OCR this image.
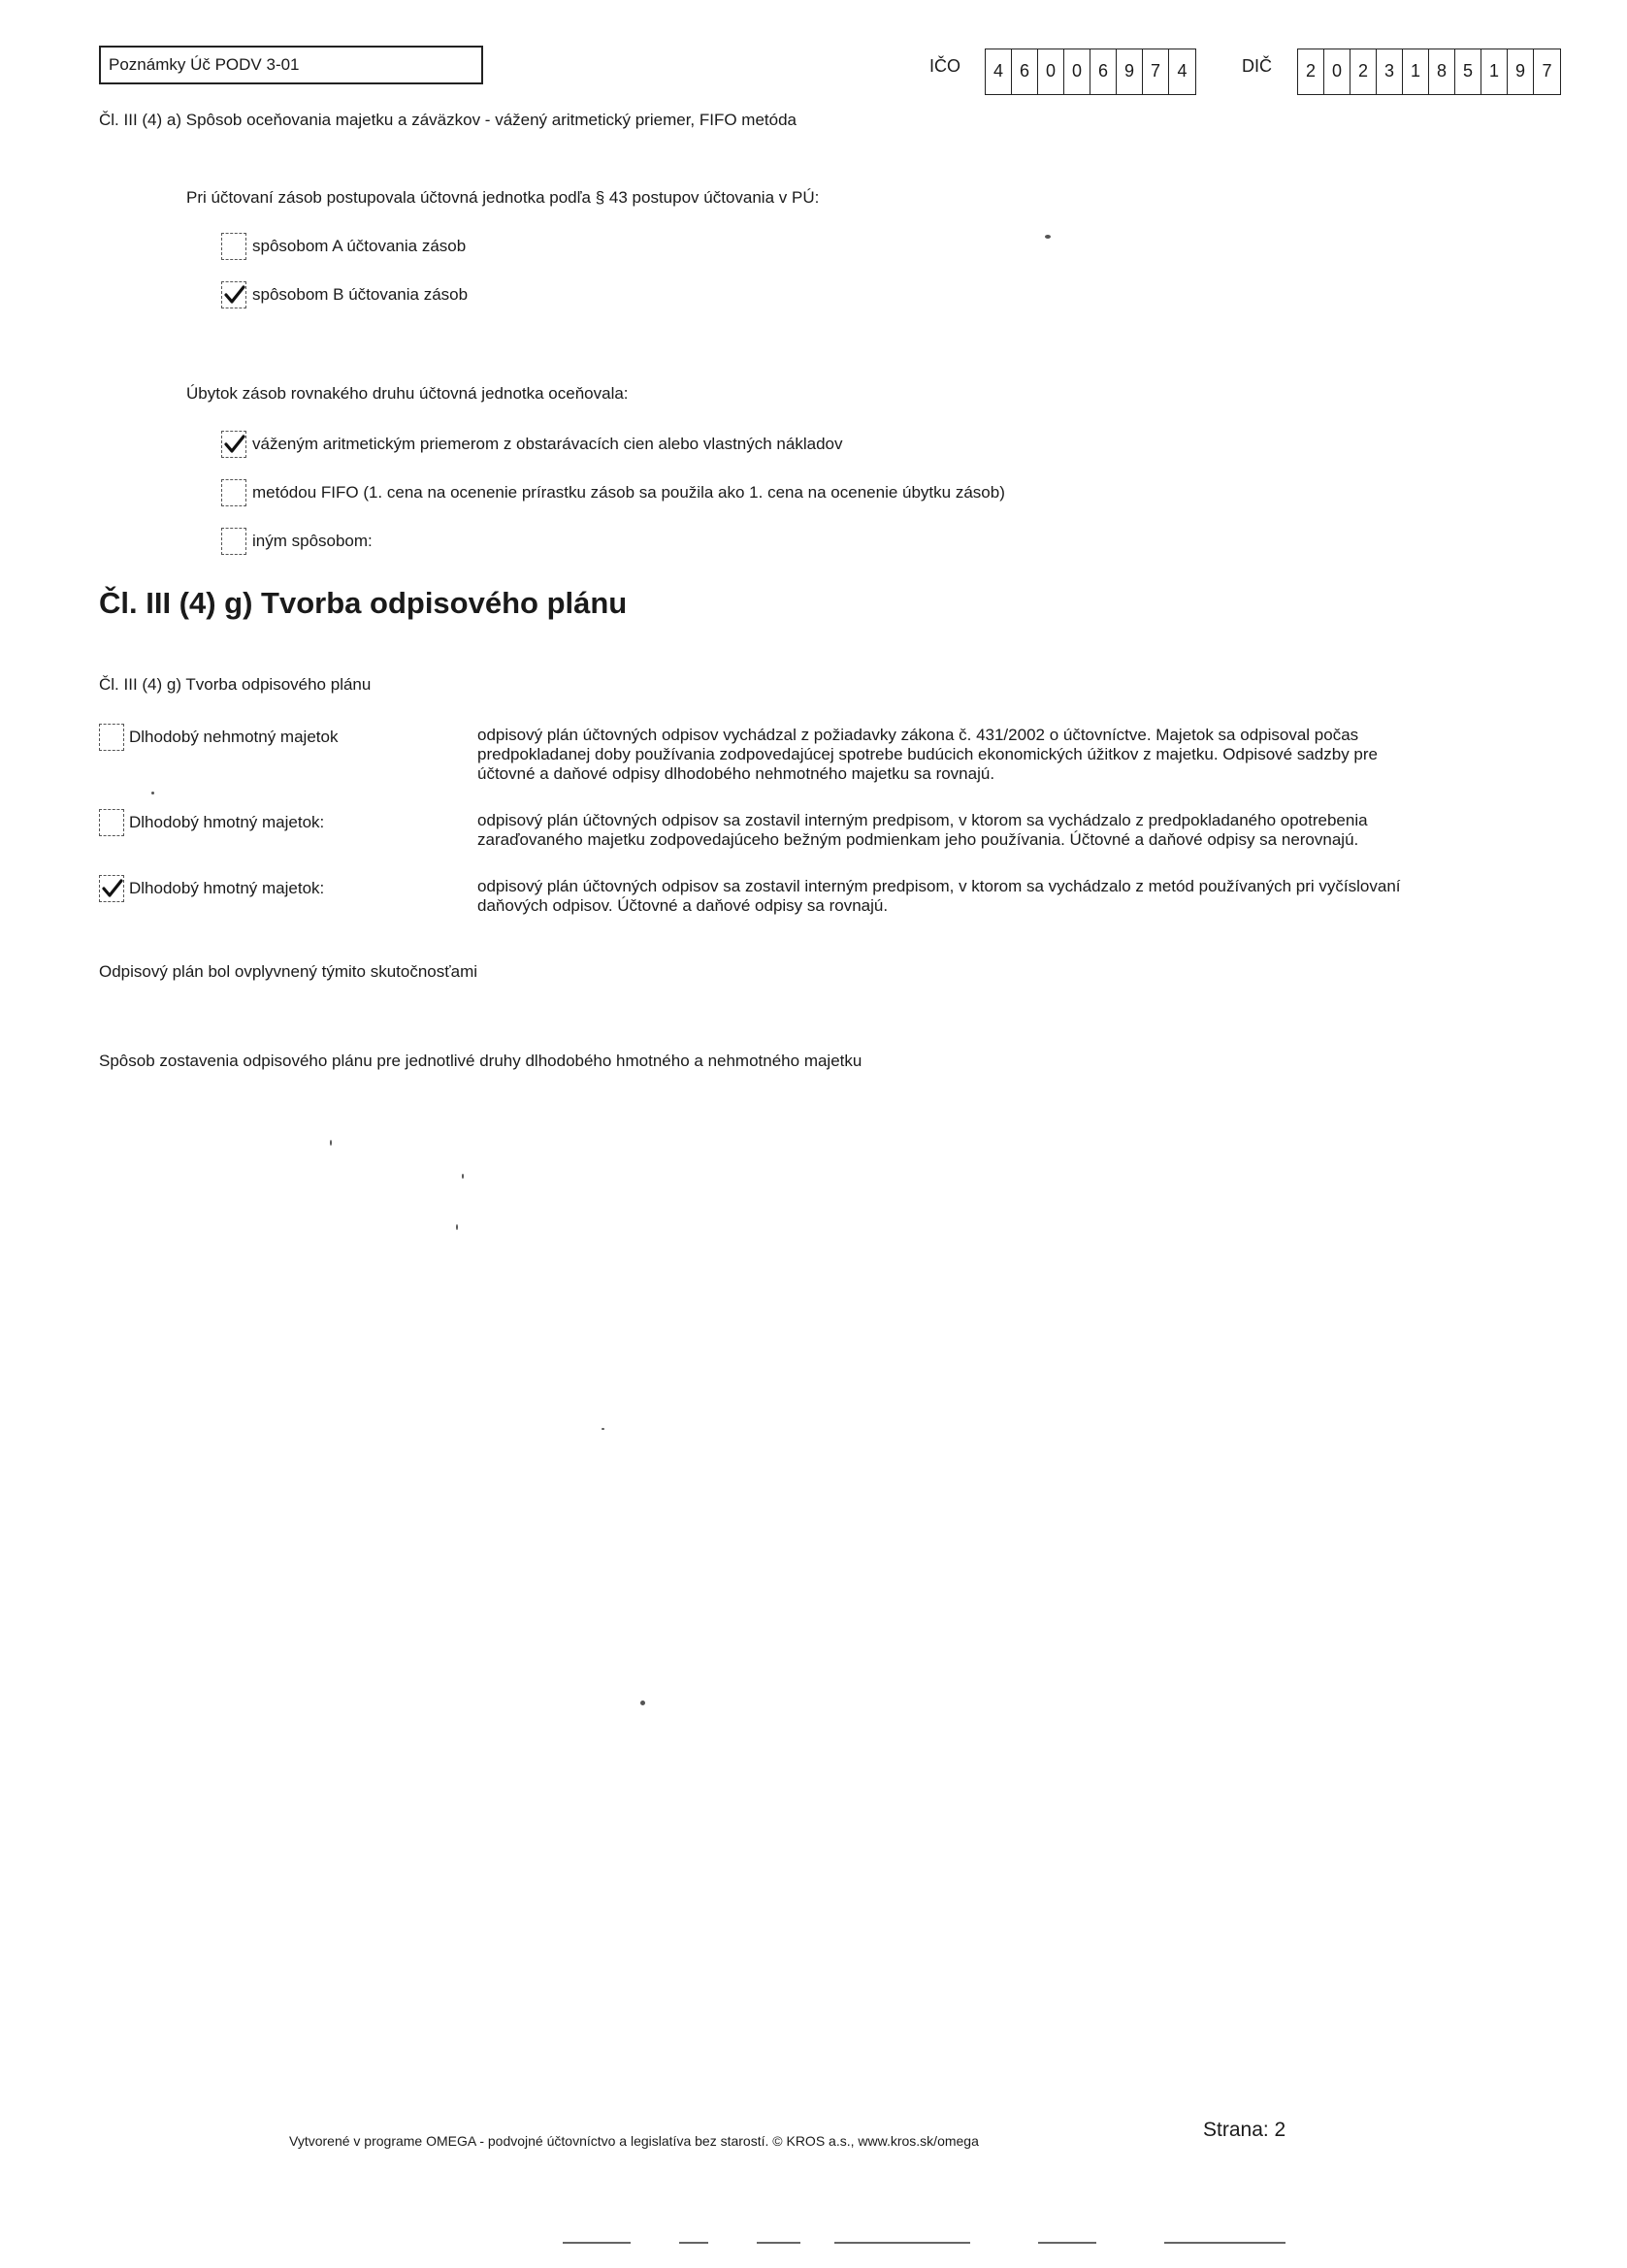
Poznámky Úč PODV 3-01	IČO	4 6 0 0 6 9 7 4	DIČ	2 0 2 3 1 8 5 1 9 7
Čl. III (4) a) Spôsob oceňovania majetku a záväzkov - vážený aritmetický priemer, FIFO metóda
Pri účtovaní zásob postupovala účtovná jednotka podľa § 43 postupov účtovania v PÚ:
spôsobom A účtovania zásob
spôsobom B účtovania zásob
Úbytok zásob rovnakého druhu účtovná jednotka oceňovala:
váženým aritmetickým priemerom z obstarávacích cien alebo vlastných nákladov
metódou FIFO (1. cena na ocenenie prírastku zásob sa použila ako 1. cena na ocenenie úbytku zásob)
iným spôsobom:
Čl. III (4) g) Tvorba odpisového plánu
Čl. III (4) g) Tvorba odpisového plánu
Dlhodobý nehmotný majetok	odpisový plán účtovných odpisov vychádzal z požiadavky zákona č. 431/2002 o účtovníctve. Majetok sa odpisoval počas
predpokladanej doby používania zodpovedajúcej spotrebe budúcich ekonomických úžitkov z majetku. Odpisové sadzby pre
účtovné a daňové odpisy dlhodobého nehmotného majetku sa rovnajú.
Dlhodobý hmotný majetok:	odpisový plán účtovných odpisov sa zostavil interným predpisom, v ktorom sa vychádzalo z predpokladaného opotrebenia
zaraďovaného majetku zodpovedajúceho bežným podmienkam jeho používania. Účtovné a daňové odpisy sa nerovnajú.
Dlhodobý hmotný majetok:	odpisový plán účtovných odpisov sa zostavil interným predpisom, v ktorom sa vychádzalo z metód používaných pri vyčíslovaní
daňových odpisov. Účtovné a daňové odpisy sa rovnajú.
Odpisový plán bol ovplyvnený týmito skutočnosťami
Spôsob zostavenia odpisového plánu pre jednotlivé druhy dlhodobého hmotného a nehmotného majetku
Vytvorené v programe OMEGA - podvojné účtovníctvo a legislatíva bez starostí. © KROS a.s., www.kros.sk/omega	Strana: 2
